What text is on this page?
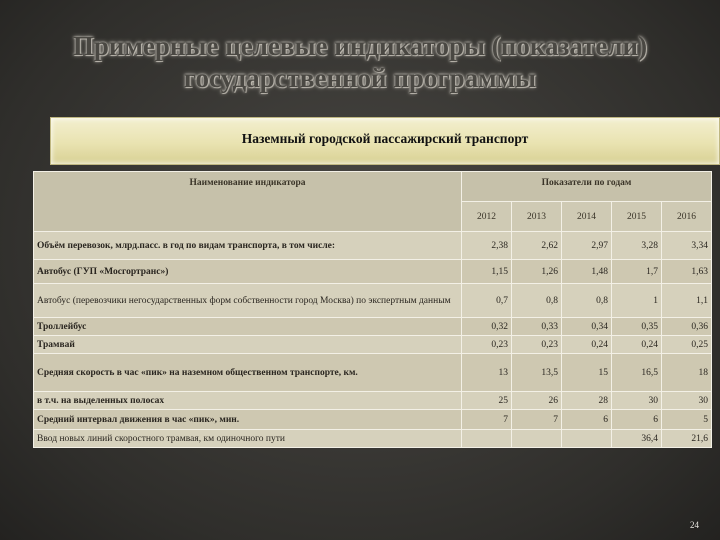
Примерные целевые индикаторы (показатели)
государственной программы
Наземный городской пассажирский транспорт
Наименование индикатора	Показатели по годам				
	2012	2013	2014	2015	2016
Объём перевозок, млрд.пасс. в год по видам транспорта, в том числе:	2,38	2,62	2,97	3,28	3,34
Автобус (ГУП «Мосгортранс»)	1,15	1,26	1,48	1,7	1,63
Автобус (перевозчики негосударственных форм собственности город Москва) по экспертным данным	0,7	0,8	0,8	1	1,1
Троллейбус	0,32	0,33	0,34	0,35	0,36
Трамвай	0,23	0,23	0,24	0,24	0,25
Средняя скорость в час «пик» на наземном общественном транспорте, км.	13	13,5	15	16,5	18
в т.ч. на выделенных полосах	25	26	28	30	30
Средний интервал движения в час «пик», мин.	7	7	6	6	5
Ввод новых линий скоростного трамвая, км одиночного пути				36,4	21,6
24
